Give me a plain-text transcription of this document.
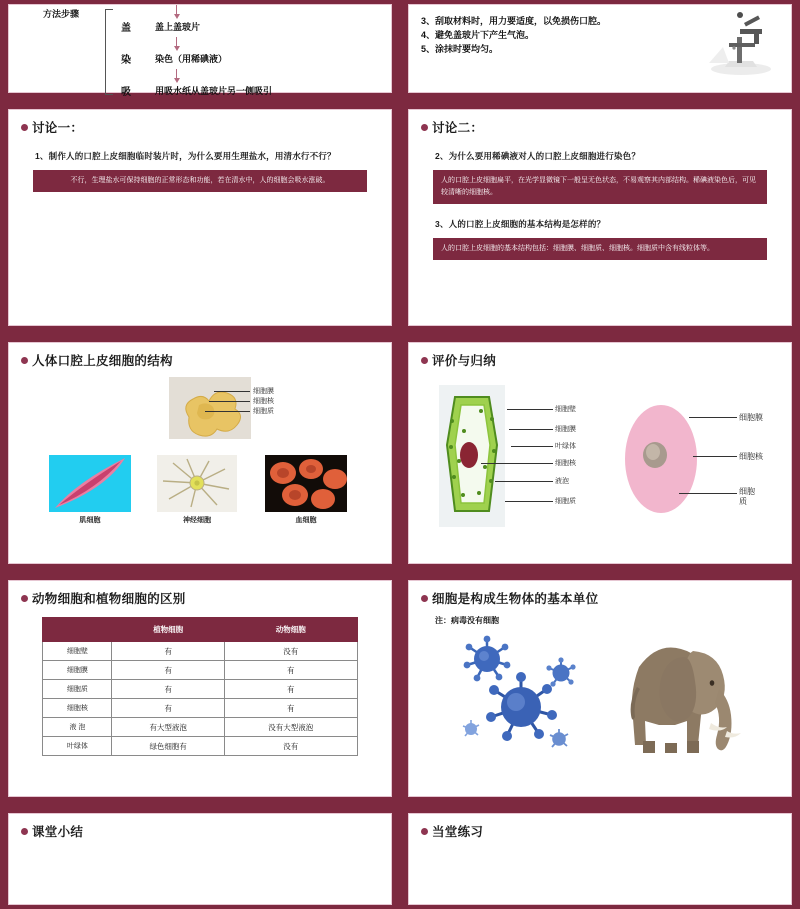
方法步骤
盖	盖上盖玻片
染	染色（用稀碘液）
吸	用吸水纸从盖玻片另一侧吸引
3、刮取材料时，用力要适度，以免损伤口腔。
4、避免盖玻片下产生气泡。
5、涂抹时要均匀。
讨论一：
1、制作人的口腔上皮细胞临时装片时，为什么要用生理盐水，用清水行不行？
不行，生理盐水可保持细胞的正常形态和功能，若在清水中，人的细胞会吸水涨破。
讨论二：
2、为什么要用稀碘液对人的口腔上皮细胞进行染色？
人的口腔上皮细胞扁平，在光学显微镜下一般呈无色状态，不易观察其内部结构。稀碘液染色后，可见较清晰的细胞核。
3、人的口腔上皮细胞的基本结构是怎样的？
人的口腔上皮细胞的基本结构包括：细胞膜、细胞质、细胞核。细胞质中含有线粒体等。
人体口腔上皮细胞的结构
细胞膜
细胞核
细胞质
肌细胞	神经细胞	血细胞
评价与归纳
细胞壁
细胞膜
叶绿体
细胞核
液泡
细胞质
细胞膜
细胞核
细胞质
动物细胞和植物细胞的区别
	植物细胞	动物细胞
细胞壁	有	没有
细胞膜	有	有
细胞质	有	有
细胞核	有	有
液 泡	有大型液泡	没有大型液泡
叶绿体	绿色细胞有	没有
细胞是构成生物体的基本单位
注：病毒没有细胞
课堂小结	当堂练习
